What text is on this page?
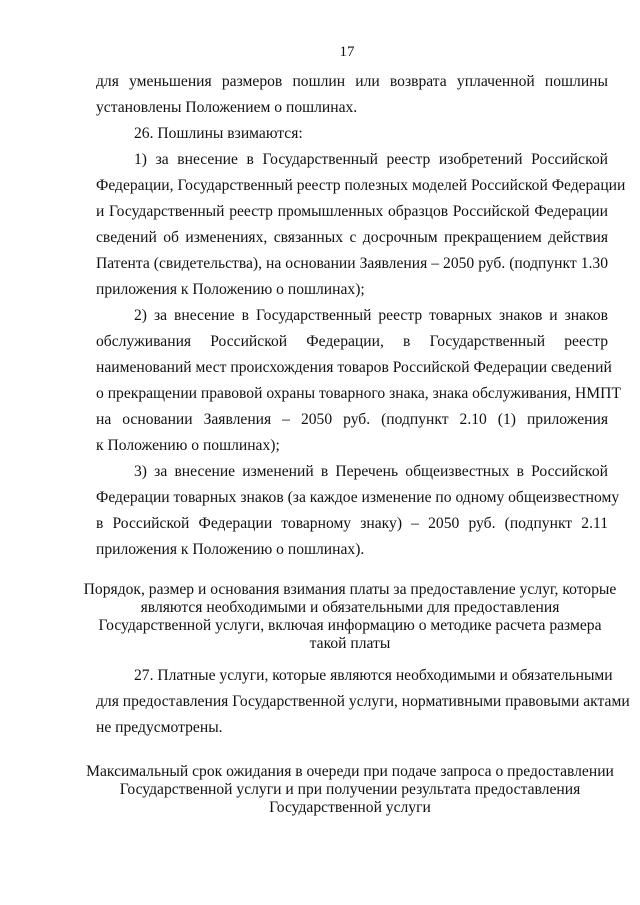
17
для уменьшения размеров пошлин или возврата уплаченной пошлины
установлены Положением о пошлинах.
26. Пошлины взимаются:
1) за внесение в Государственный реестр изобретений Российской
Федерации, Государственный реестр полезных моделей Российской Федерации
и Государственный реестр промышленных образцов Российской Федерации
сведений об изменениях, связанных с досрочным прекращением действия
Патента (свидетельства), на основании Заявления – 2050 руб. (подпункт 1.30
приложения к Положению о пошлинах);
2) за внесение в Государственный реестр товарных знаков и знаков
обслуживания Российской Федерации, в Государственный реестр
наименований мест происхождения товаров Российской Федерации сведений
о прекращении правовой охраны товарного знака, знака обслуживания, НМПТ
на основании Заявления – 2050 руб. (подпункт 2.10 (1) приложения
к Положению о пошлинах);
3) за внесение изменений в Перечень общеизвестных в Российской
Федерации товарных знаков (за каждое изменение по одному общеизвестному
в Российской Федерации товарному знаку) – 2050 руб. (подпункт 2.11
приложения к Положению о пошлинах).
Порядок, размер и основания взимания платы за предоставление услуг, которые
являются необходимыми и обязательными для предоставления
Государственной услуги, включая информацию о методике расчета размера
такой платы
27. Платные услуги, которые являются необходимыми и обязательными
для предоставления Государственной услуги, нормативными правовыми актами
не предусмотрены.
Максимальный срок ожидания в очереди при подаче запроса о предоставлении
Государственной услуги и при получении результата предоставления
Государственной услуги
